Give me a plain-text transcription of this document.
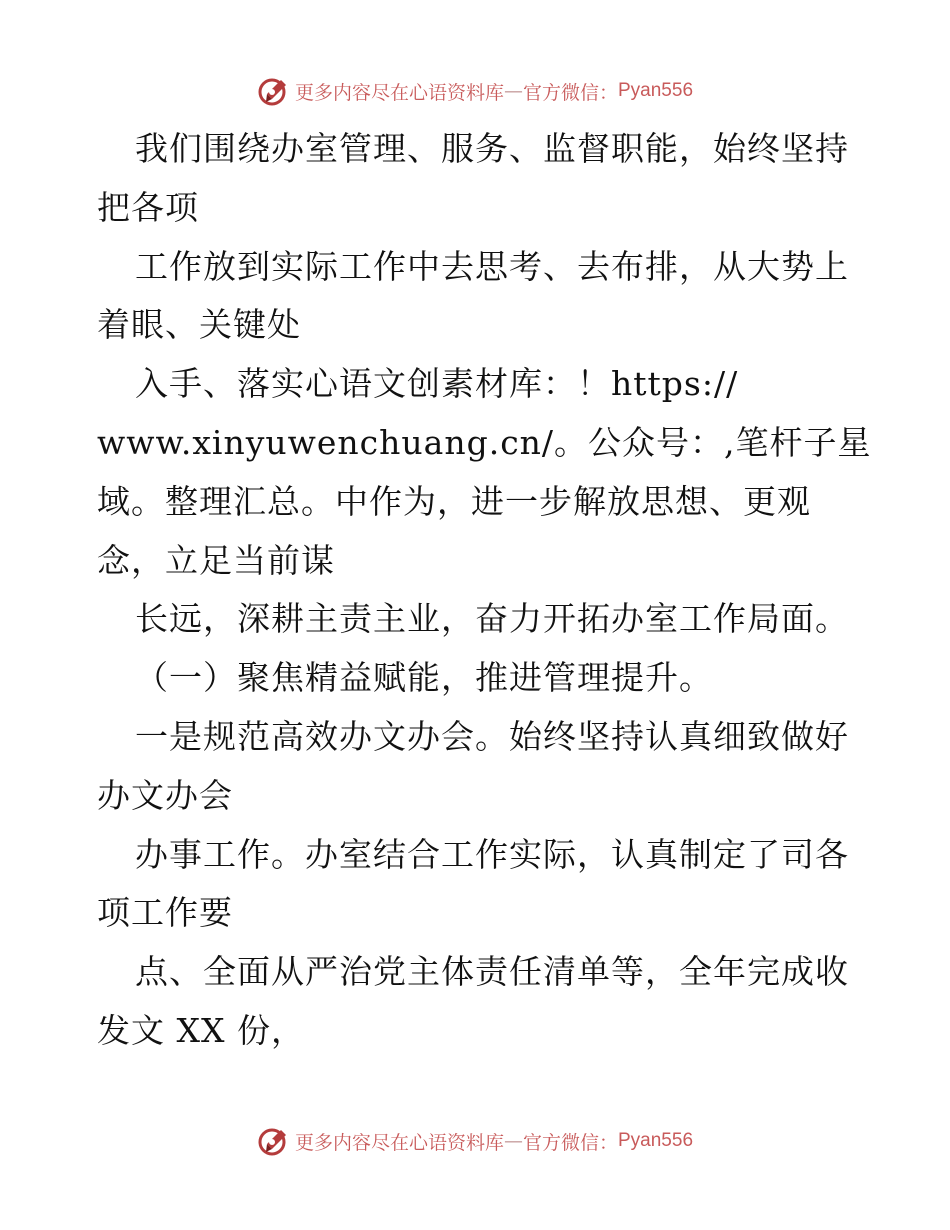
更多内容尽在心语资料库 — 官方微信： Pyan556
我们围绕办室管理、服务、监督职能，始终坚持
把各项
工作放到实际工作中去思考、去布排，从大势上
着眼、关键处
入手、落实心语文创素材库：！https://
www.xinyuwenchuang.cn/。公众号：,笔杆子星
域。整理汇总。中作为，进一步解放思想、更观
念，立足当前谋
长远，深耕主责主业，奋力开拓办室工作局面。
（一）聚焦精益赋能，推进管理提升。
一是规范高效办文办会。始终坚持认真细致做好
办文办会
办事工作。办室结合工作实际，认真制定了司各
项工作要
点、全面从严治党主体责任清单等，全年完成收
发文 XX 份，
更多内容尽在心语资料库 — 官方微信： Pyan556
